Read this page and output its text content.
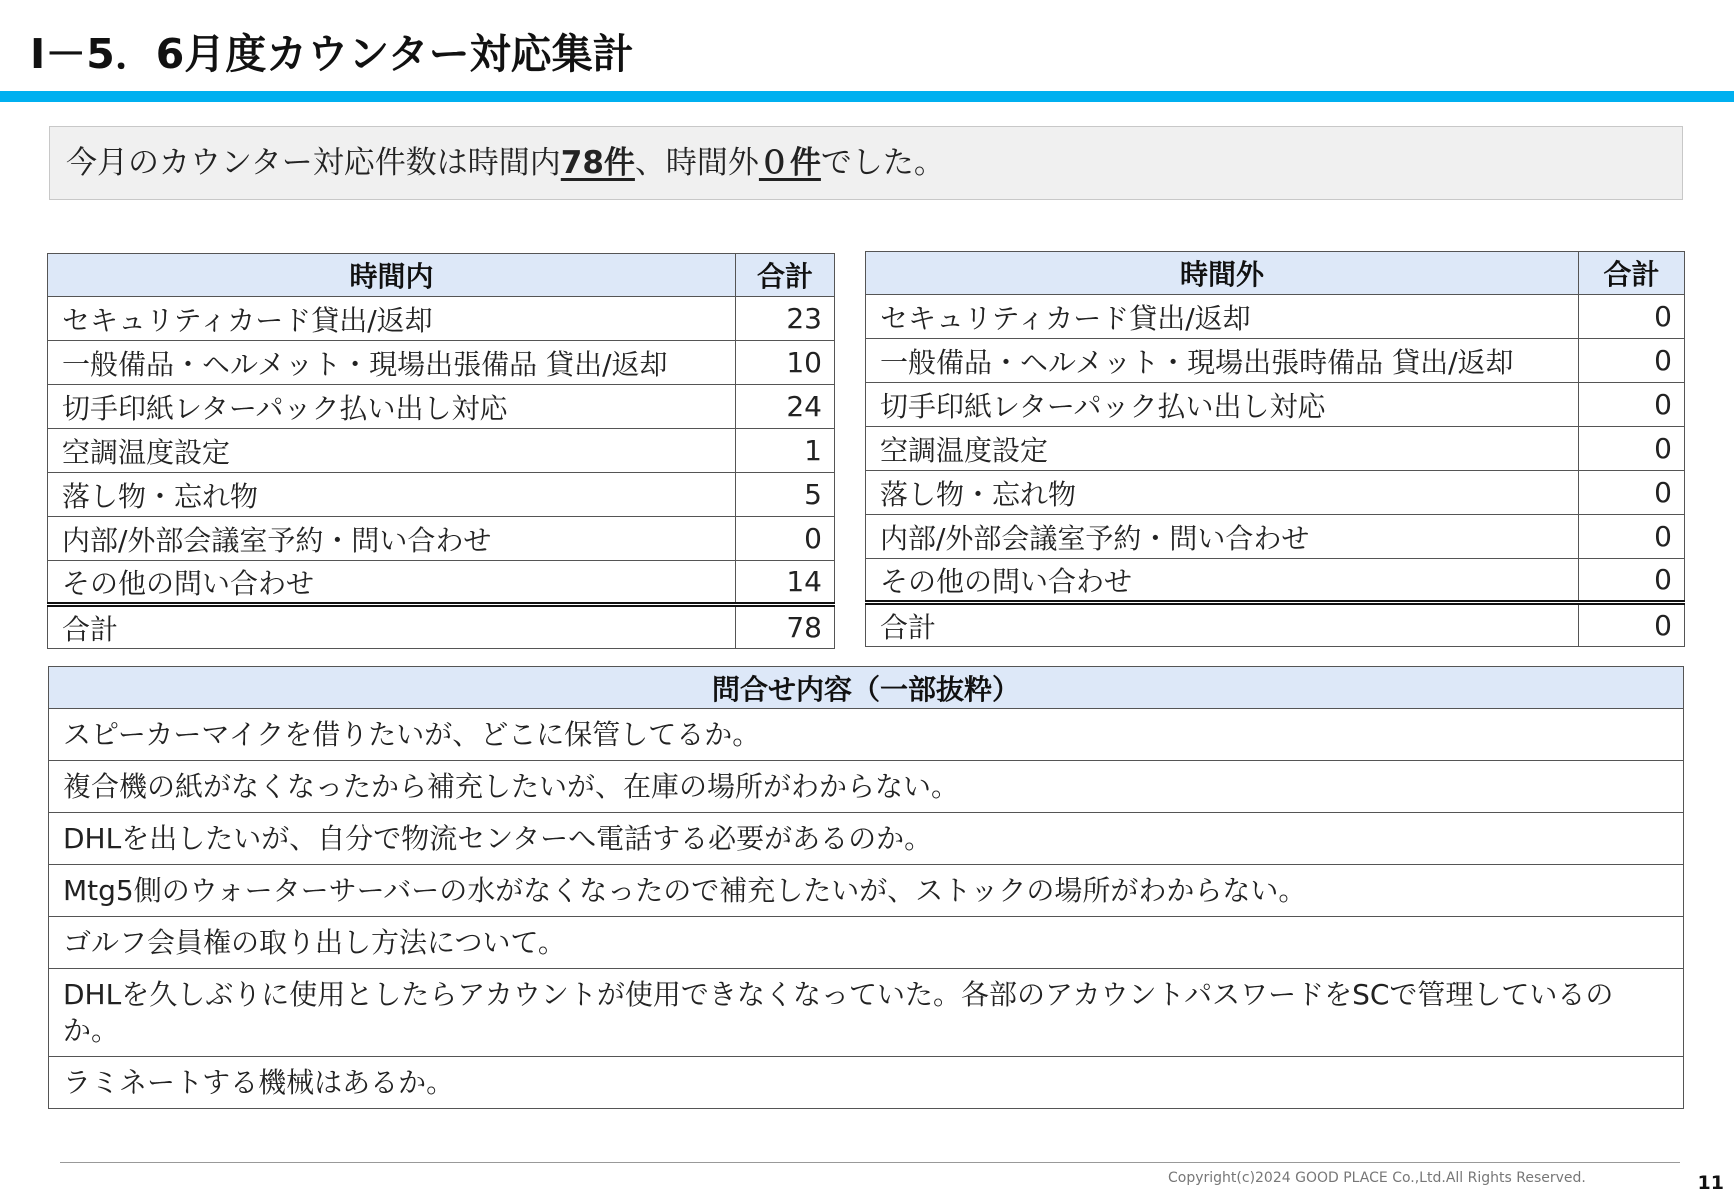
Ⅰ－5．6月度カウンター対応集計
今月のカウンター対応件数は時間内78件、時間外０件でした。
時間内	合計
セキュリティカード貸出/返却	23
一般備品・ヘルメット・現場出張備品 貸出/返却	10
切手印紙レターパック払い出し対応	24
空調温度設定	1
落し物・忘れ物	5
内部/外部会議室予約・問い合わせ	0
その他の問い合わせ	14
合計	78
時間外	合計
セキュリティカード貸出/返却	0
一般備品・ヘルメット・現場出張時備品 貸出/返却	0
切手印紙レターパック払い出し対応	0
空調温度設定	0
落し物・忘れ物	0
内部/外部会議室予約・問い合わせ	0
その他の問い合わせ	0
合計	0
問合せ内容（一部抜粋）
スピーカーマイクを借りたいが、どこに保管してるか。
複合機の紙がなくなったから補充したいが、在庫の場所がわからない。
DHLを出したいが、自分で物流センターへ電話する必要があるのか。
Mtg5側のウォーターサーバーの水がなくなったので補充したいが、ストックの場所がわからない。
ゴルフ会員権の取り出し方法について。
DHLを久しぶりに使用としたらアカウントが使用できなくなっていた。各部のアカウントパスワードをSCで管理しているのか。
ラミネートする機械はあるか。
Copyright(c)2024 GOOD PLACE Co.,Ltd.All Rights Reserved.	11
